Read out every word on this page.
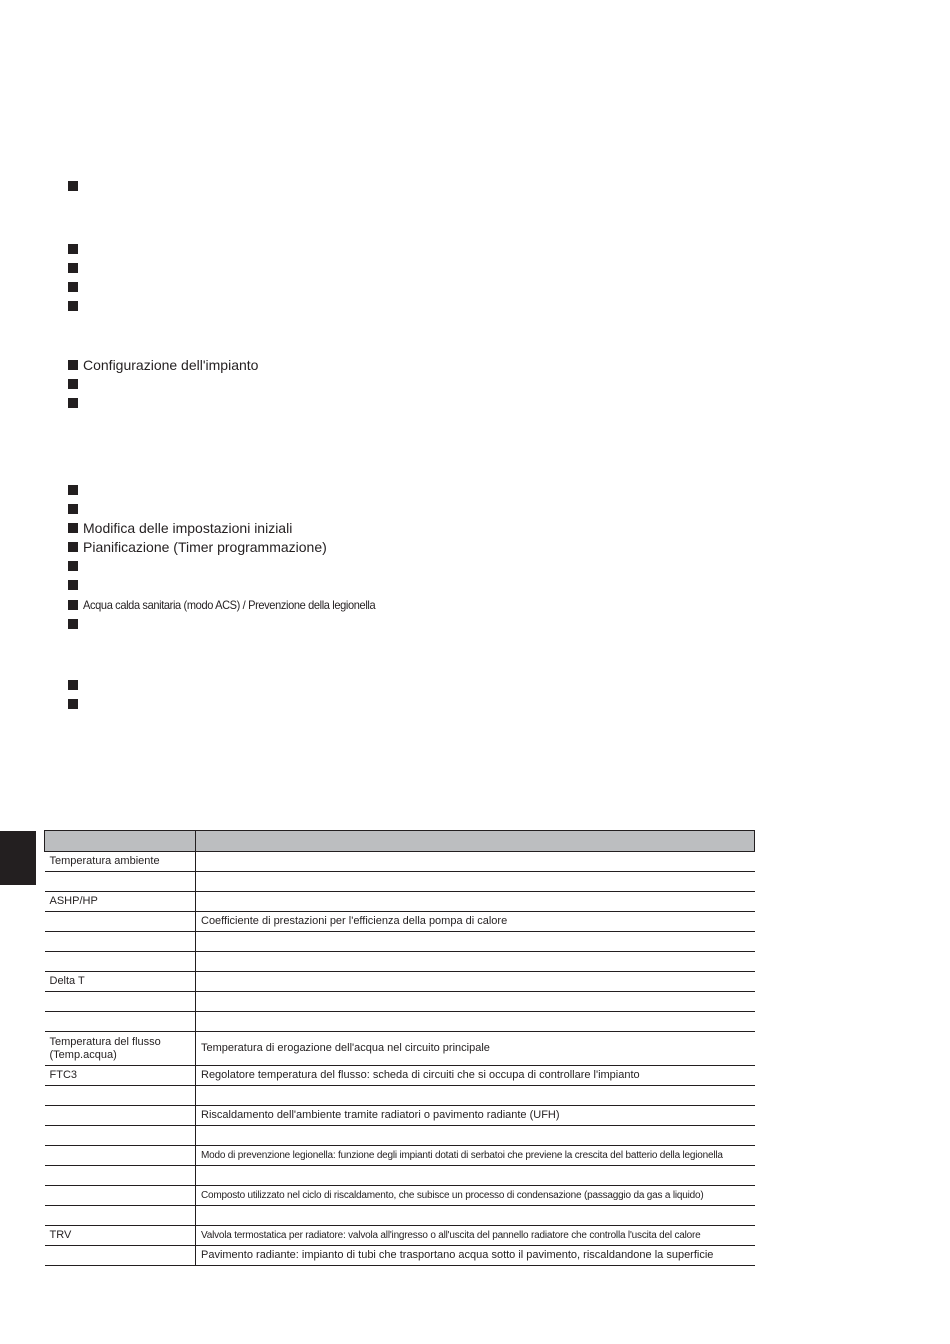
Configurazione dell'impianto
Modifica delle impostazioni iniziali
Pianificazione (Timer programmazione)
Acqua calda sanitaria (modo ACS) / Prevenzione della legionella

Temperatura ambiente	

ASHP/HP	
	Coefficiente di prestazioni per l'efficienza della pompa di calore

Delta T	

Temperatura del flusso (Temp.acqua)	Temperatura di erogazione dell'acqua nel circuito principale
FTC3	Regolatore temperatura del flusso: scheda di circuiti che si occupa di controllare l'impianto

	Riscaldamento dell'ambiente tramite radiatori o pavimento radiante (UFH)

	Modo di prevenzione legionella: funzione degli impianti dotati di serbatoi che previene la crescita del batterio della legionella

	Composto utilizzato nel ciclo di riscaldamento, che subisce un processo di condensazione (passaggio da gas a liquido)

TRV	Valvola termostatica per radiatore: valvola all'ingresso o all'uscita del pannello radiatore che controlla l'uscita del calore
	Pavimento radiante: impianto di tubi che trasportano acqua sotto il pavimento, riscaldandone la superficie
